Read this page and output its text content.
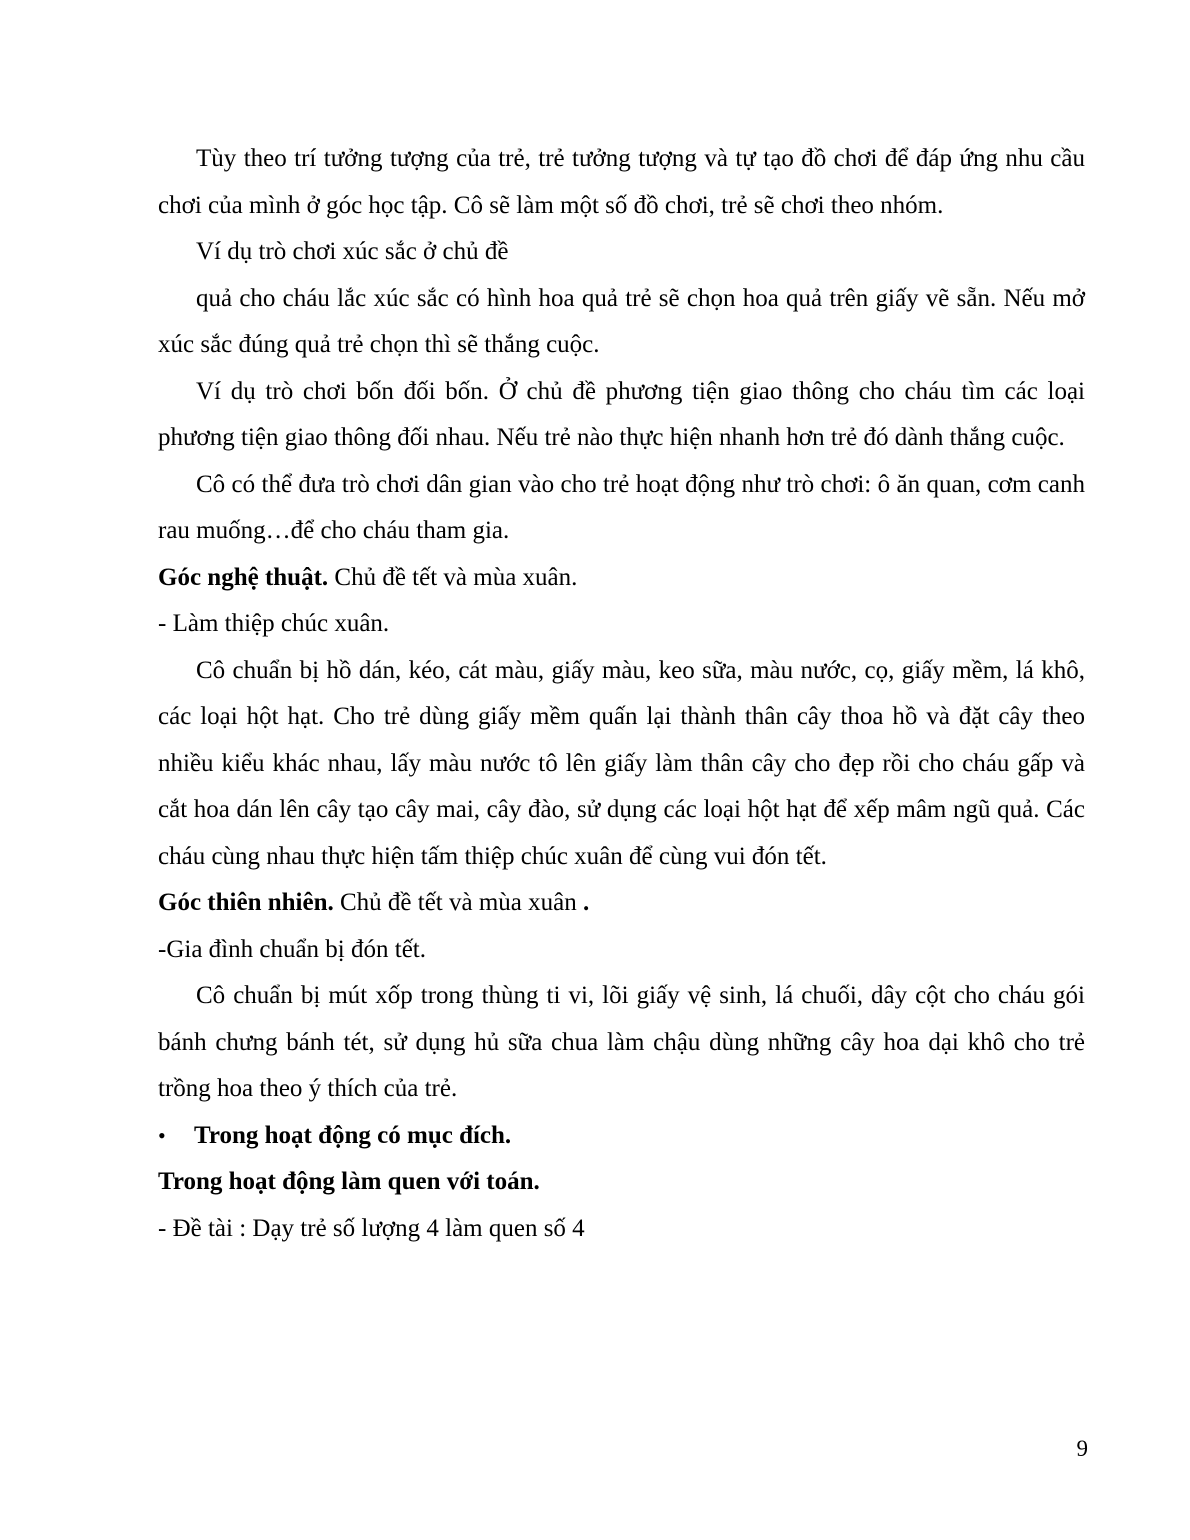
Tùy theo trí tưởng tượng của trẻ, trẻ tưởng tượng và tự tạo đồ chơi để đáp ứng nhu cầu chơi của mình ở góc học tập. Cô sẽ làm một số đồ chơi, trẻ sẽ chơi theo nhóm.

Ví dụ trò chơi xúc sắc ở chủ đề

quả cho cháu lắc xúc sắc có hình hoa quả trẻ sẽ chọn hoa quả trên giấy vẽ sẵn. Nếu mở xúc sắc đúng quả trẻ chọn thì sẽ thắng cuộc.

Ví dụ trò chơi bốn đối bốn. Ở chủ đề phương tiện giao thông cho cháu tìm các loại phương tiện giao thông đối nhau. Nếu trẻ nào thực hiện nhanh hơn trẻ đó dành thắng cuộc.

Cô có thể đưa trò chơi dân gian vào cho trẻ hoạt động như trò chơi: ô ăn quan, cơm canh rau muống…để cho cháu tham gia.

Góc nghệ thuật. Chủ đề tết và mùa xuân.

- Làm thiệp chúc xuân.

Cô chuẩn bị hồ dán, kéo, cát màu, giấy màu, keo sữa, màu nước, cọ, giấy mềm, lá khô, các loại hột hạt. Cho trẻ dùng giấy mềm quấn lại thành thân cây thoa hồ và đặt cây theo nhiều kiểu khác nhau, lấy màu nước tô lên giấy làm thân cây cho đẹp rồi cho cháu gấp và cắt hoa dán lên cây tạo cây mai, cây đào, sử dụng các loại hột hạt để xếp mâm ngũ quả. Các cháu cùng nhau thực hiện tấm thiệp chúc xuân để cùng vui đón tết.

Góc thiên nhiên. Chủ đề tết và mùa xuân .

-Gia đình chuẩn bị đón tết.

Cô chuẩn bị mút xốp trong thùng ti vi, lõi giấy vệ sinh, lá chuối, dây cột cho cháu gói bánh chưng bánh tét, sử dụng hủ sữa chua làm chậu dùng những cây hoa dại khô cho trẻ trồng hoa theo ý thích của trẻ.

•	Trong hoạt động có mục đích.

Trong hoạt động làm quen với toán.

- Đề tài : Dạy trẻ số lượng 4 làm quen số 4

9
